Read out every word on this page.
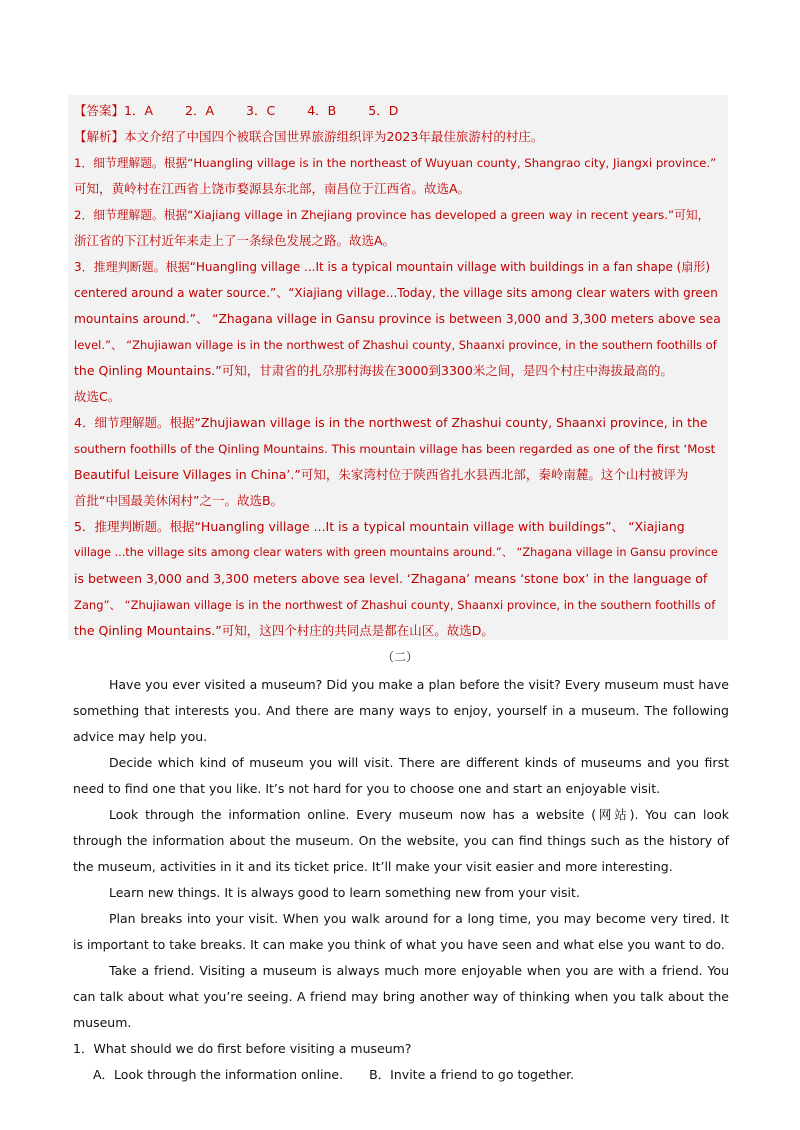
【答案】1．A	2．A	3．C	4．B	5．D

【解析】本文介绍了中国四个被联合国世界旅游组织评为2023年最佳旅游村的村庄。

1．细节理解题。根据“Huangling village is in the northeast of Wuyuan county, Shangrao city, Jiangxi province.”

可知，黄岭村在江西省上饶市婺源县东北部，南昌位于江西省。故选A。

2．细节理解题。根据“Xiajiang village in Zhejiang province has developed a green way in recent years.”可知，

浙江省的下江村近年来走上了一条绿色发展之路。故选A。

3．推理判断题。根据“Huangling village ...It is a typical mountain village with buildings in a fan shape (扇形)

centered around a water source.”、“Xiajiang village...Today, the village sits among clear waters with green

mountains around.”、 “Zhagana village in Gansu province is between 3,000 and 3,300 meters above sea

level.”、 “Zhujiawan village is in the northwest of Zhashui county, Shaanxi province, in the southern foothills of

the Qinling Mountains.”可知，甘肃省的扎尕那村海拔在3000到3300米之间，是四个村庄中海拔最高的。

故选C。

4．细节理解题。根据“Zhujiawan village is in the northwest of Zhashui county, Shaanxi province, in the

southern foothills of the Qinling Mountains. This mountain village has been regarded as one of the first ‘Most

Beautiful Leisure Villages in China’.”可知，朱家湾村位于陕西省扎水县西北部，秦岭南麓。这个山村被评为

首批“中国最美休闲村”之一。故选B。

5．推理判断题。根据“Huangling village ...It is a typical mountain village with buildings”、 “Xiajiang

village ...the village sits among clear waters with green mountains around.”、 “Zhagana village in Gansu province

is between 3,000 and 3,300 meters above sea level. ‘Zhagana’ means ‘stone box’ in the language of

Zang”、 “Zhujiawan village is in the northwest of Zhashui county, Shaanxi province, in the southern foothills of

the Qinling Mountains.”可知，这四个村庄的共同点是都在山区。故选D。

（二）

Have you ever visited a museum? Did you make a plan before the visit? Every museum must have something that interests you. And there are many ways to enjoy, yourself in a museum. The following advice may help you.

Decide which kind of museum you will visit. There are different kinds of museums and you first need to find one that you like. It’s not hard for you to choose one and start an enjoyable visit.

Look through the information online. Every museum now has a website (网站). You can look through the information about the museum. On the website, you can find things such as the history of the museum, activities in it and its ticket price. It’ll make your visit easier and more interesting.

Learn new things. It is always good to learn something new from your visit.

Plan breaks into your visit. When you walk around for a long time, you may become very tired. It is important to take breaks. It can make you think of what you have seen and what else you want to do.

Take a friend. Visiting a museum is always much more enjoyable when you are with a friend. You can talk about what you’re seeing. A friend may bring another way of thinking when you talk about the museum.

1．What should we do first before visiting a museum?

A．Look through the information online. B．Invite a friend to go together.
